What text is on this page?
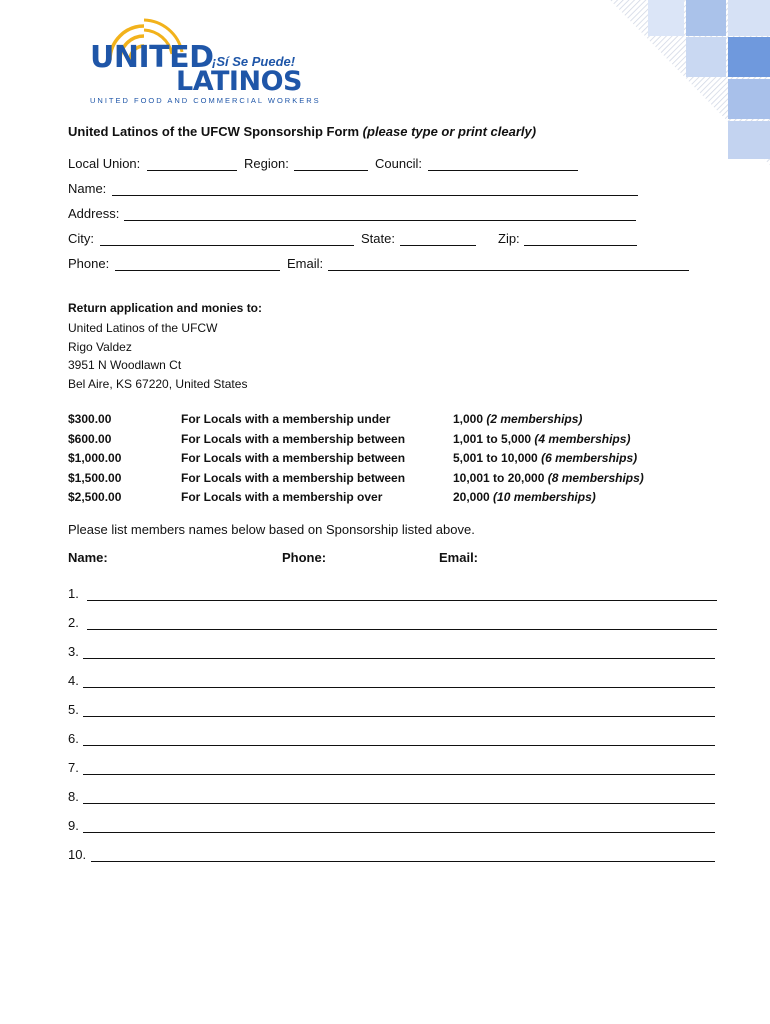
UNITED
¡Sí Se Puede!
LATINOS
UNITED FOOD AND COMMERCIAL WORKERS
United Latinos of the UFCW Sponsorship Form (please type or print clearly)
Local Union:	Region:	Council:
Name:
Address:
City:	State:	Zip:
Phone:	Email:
Return application and monies to:
United Latinos of the UFCW
Rigo Valdez
3951 N Woodlawn Ct
Bel Aire, KS 67220, United States
$300.00	For Locals with a membership under	1,000 (2 memberships)
$600.00	For Locals with a membership between	1,001 to 5,000 (4 memberships)
$1,000.00	For Locals with a membership between	5,001 to 10,000 (6 memberships)
$1,500.00	For Locals with a membership between	10,001 to 20,000 (8 memberships)
$2,500.00	For Locals with a membership over	20,000 (10 memberships)
Please list members names below based on Sponsorship listed above.
Name:	Phone:	Email:
1.
2.
3.
4.
5.
6.
7.
8.
9.
10.
